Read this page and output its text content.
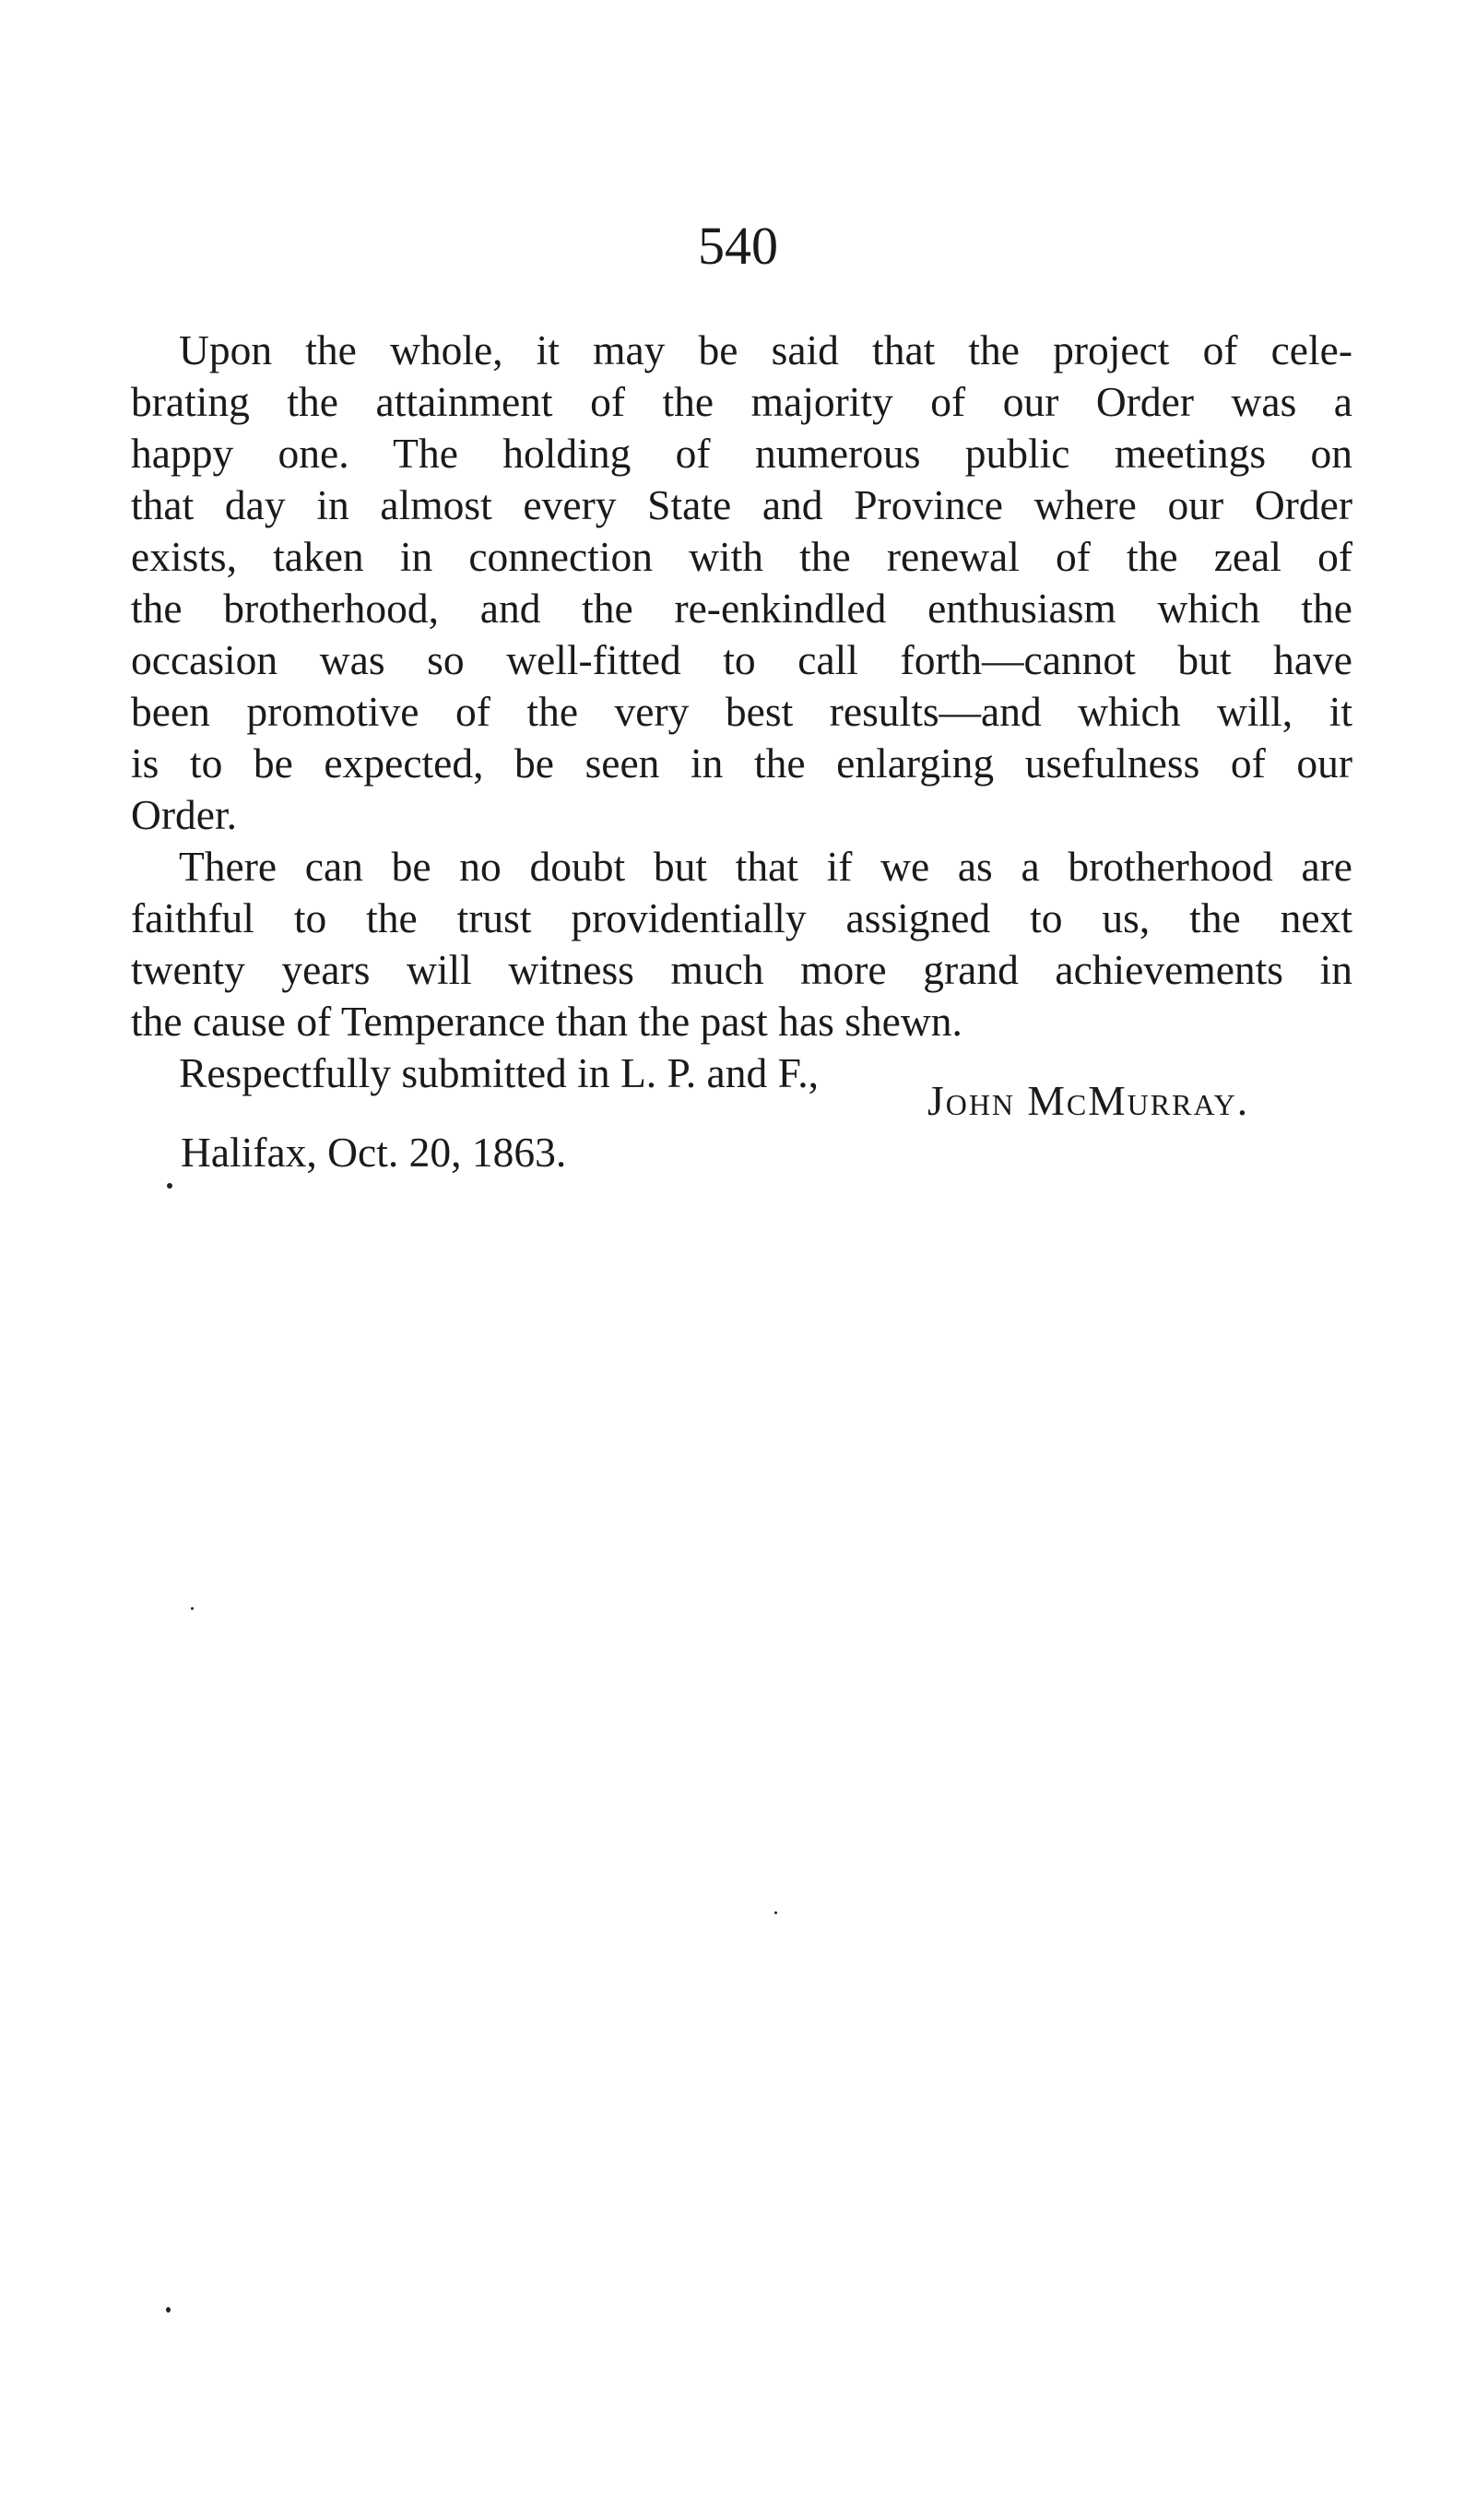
540
Upon the whole, it may be said that the project of cele-
brating the attainment of the majority of our Order was a
happy one. The holding of numerous public meetings on
that day in almost every State and Province where our Order
exists, taken in connection with the renewal of the zeal of
the brotherhood, and the re-enkindled enthusiasm which the
occasion was so well-fitted to call forth—cannot but have
been promotive of the very best results—and which will, it
is to be expected, be seen in the enlarging usefulness of our
Order.
There can be no doubt but that if we as a brotherhood are
faithful to the trust providentially assigned to us, the next
twenty years will witness much more grand achievements in
the cause of Temperance than the past has shewn.
Respectfully submitted in L. P. and F.,
John McMurray.
Halifax, Oct. 20, 1863.
